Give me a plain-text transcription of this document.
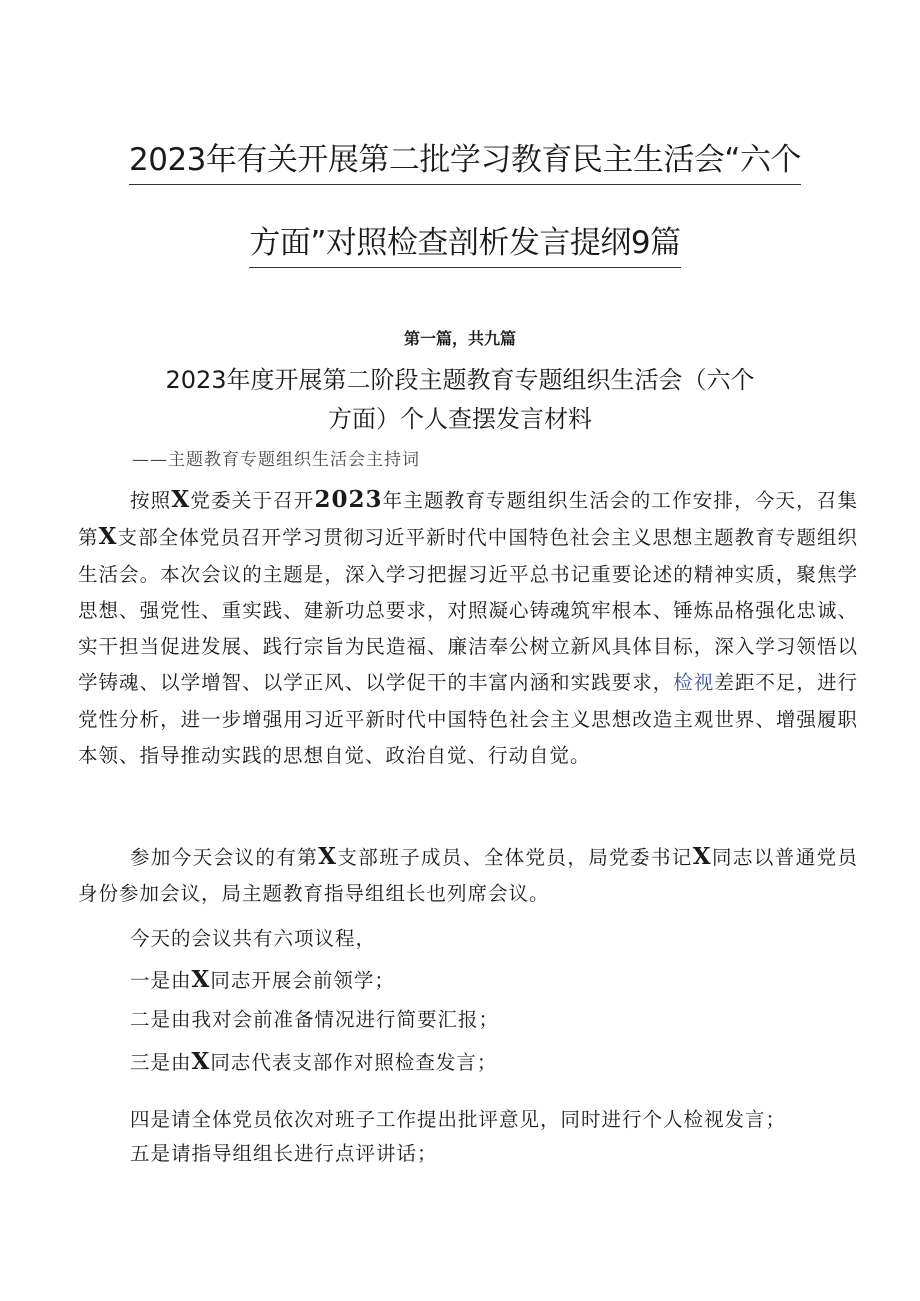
2023年有关开展第二批学习教育民主生活会“六个
方面”对照检查剖析发言提纲9篇
第一篇，共九篇
2023年度开展第二阶段主题教育专题组织生活会（六个
方面）个人查摆发言材料
——主题教育专题组织生活会主持词

按照X党委关于召开2023年主题教育专题组织生活会的工作安排，今天，召集第X支部全体党员召开学习贯彻习近平新时代中国特色社会主义思想主题教育专题组织生活会。本次会议的主题是，深入学习把握习近平总书记重要论述的精神实质，聚焦学思想、强党性、重实践、建新功总要求，对照凝心铸魂筑牢根本、锤炼品格强化忠诚、实干担当促进发展、践行宗旨为民造福、廉洁奉公树立新风具体目标，深入学习领悟以学铸魂、以学增智、以学正风、以学促干的丰富内涵和实践要求，检视差距不足，进行党性分析，进一步增强用习近平新时代中国特色社会主义思想改造主观世界、增强履职本领、指导推动实践的思想自觉、政治自觉、行动自觉。

参加今天会议的有第X支部班子成员、全体党员，局党委书记X同志以普通党员身份参加会议，局主题教育指导组组长也列席会议。

今天的会议共有六项议程，
一是由X同志开展会前领学；
二是由我对会前准备情况进行简要汇报；
三是由X同志代表支部作对照检查发言；
四是请全体党员依次对班子工作提出批评意见，同时进行个人检视发言；
五是请指导组组长进行点评讲话；
